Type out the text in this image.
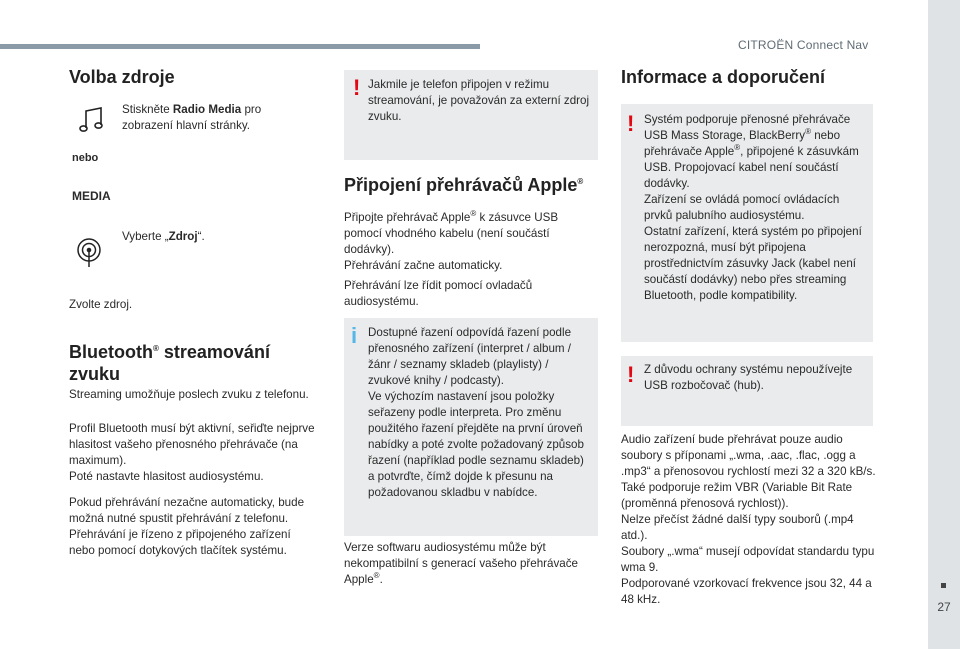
CITROËN Connect Nav
27
Volba zdroje
Stiskněte Radio Media pro zobrazení hlavní stránky.
nebo
MEDIA
Vyberte „Zdroj“.
Zvolte zdroj.
Bluetooth® streamování zvuku
Streaming umožňuje poslech zvuku z telefonu.
Profil Bluetooth musí být aktivní, seřiďte nejprve hlasitost vašeho přenosného přehrávače (na maximum).
Poté nastavte hlasitost audiosystému.
Pokud přehrávání nezačne automaticky, bude možná nutné spustit přehrávání z telefonu.
Přehrávání je řízeno z připojeného zařízení nebo pomocí dotykových tlačítek systému.
! Jakmile je telefon připojen v režimu streamování, je považován za externí zdroj zvuku.
Připojení přehrávačů Apple®
Připojte přehrávač Apple® k zásuvce USB pomocí vhodného kabelu (není součástí dodávky).
Přehrávání začne automaticky.
Přehrávání lze řídit pomocí ovladačů audiosystému.
i Dostupné řazení odpovídá řazení podle přenosného zařízení (interpret / album / žánr / seznamy skladeb (playlisty) / zvukové knihy / podcasty).
Ve výchozím nastavení jsou položky seřazeny podle interpreta. Pro změnu použitého řazení přejděte na první úroveň nabídky a poté zvolte požadovaný způsob řazení (například podle seznamu skladeb) a potvrďte, čímž dojde k přesunu na požadovanou skladbu v nabídce.
Verze softwaru audiosystému může být nekompatibilní s generací vašeho přehrávače Apple®.
Informace a doporučení
! Systém podporuje přenosné přehrávače USB Mass Storage, BlackBerry® nebo přehrávače Apple®, připojené k zásuvkám USB. Propojovací kabel není součástí dodávky.
Zařízení se ovládá pomocí ovládacích prvků palubního audiosystému.
Ostatní zařízení, která systém po připojení nerozpozná, musí být připojena prostřednictvím zásuvky Jack (kabel není součástí dodávky) nebo přes streaming Bluetooth, podle kompatibility.
! Z důvodu ochrany systému nepoužívejte USB rozbočovač (hub).
Audio zařízení bude přehrávat pouze audio soubory s příponami „.wma, .aac, .flac, .ogg a .mp3“ a přenosovou rychlostí mezi 32 a 320 kB/s.
Také podporuje režim VBR (Variable Bit Rate (proměnná přenosová rychlost)).
Nelze přečíst žádné další typy souborů (.mp4 atd.).
Soubory „.wma“ musejí odpovídat standardu typu wma 9.
Podporované vzorkovací frekvence jsou 32, 44 a 48 kHz.
